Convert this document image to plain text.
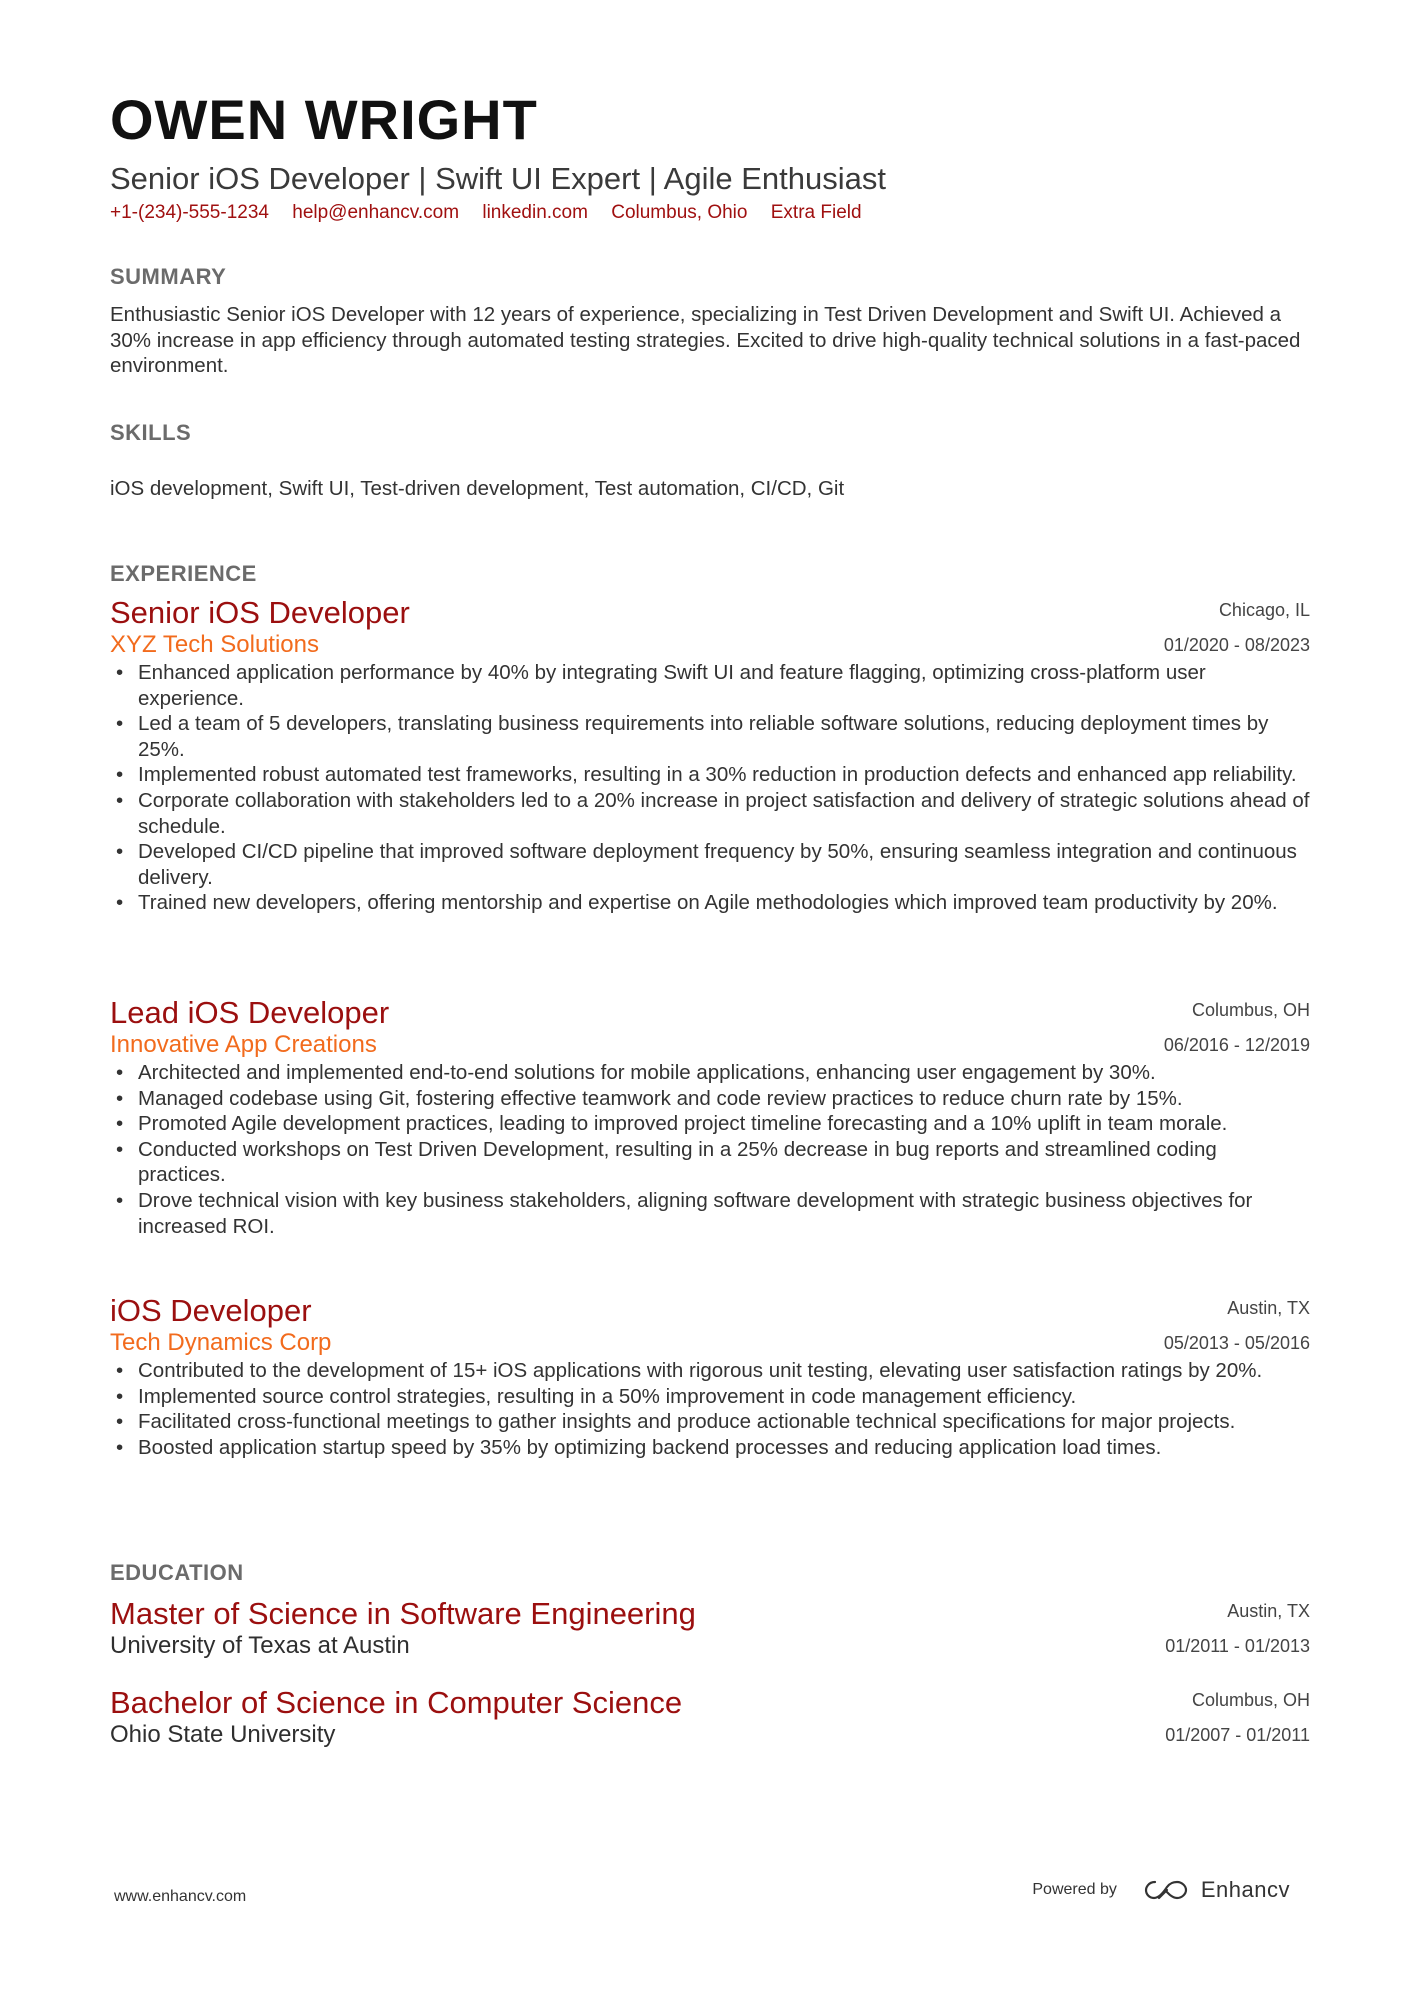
OWEN WRIGHT
Senior iOS Developer | Swift UI Expert | Agile Enthusiast
+1-(234)-555-1234 help@enhancv.com linkedin.com Columbus, Ohio Extra Field
SUMMARY
Enthusiastic Senior iOS Developer with 12 years of experience, specializing in Test Driven Development and Swift UI. Achieved a 30% increase in app efficiency through automated testing strategies. Excited to drive high-quality technical solutions in a fast-paced environment.
SKILLS
iOS development, Swift UI, Test-driven development, Test automation, CI/CD, Git
EXPERIENCE
Senior iOS Developer
XYZ Tech Solutions
Chicago, IL
01/2020 - 08/2023
• Enhanced application performance by 40% by integrating Swift UI and feature flagging, optimizing cross-platform user experience.
• Led a team of 5 developers, translating business requirements into reliable software solutions, reducing deployment times by 25%.
• Implemented robust automated test frameworks, resulting in a 30% reduction in production defects and enhanced app reliability.
• Corporate collaboration with stakeholders led to a 20% increase in project satisfaction and delivery of strategic solutions ahead of schedule.
• Developed CI/CD pipeline that improved software deployment frequency by 50%, ensuring seamless integration and continuous delivery.
• Trained new developers, offering mentorship and expertise on Agile methodologies which improved team productivity by 20%.
Lead iOS Developer
Innovative App Creations
Columbus, OH
06/2016 - 12/2019
• Architected and implemented end-to-end solutions for mobile applications, enhancing user engagement by 30%.
• Managed codebase using Git, fostering effective teamwork and code review practices to reduce churn rate by 15%.
• Promoted Agile development practices, leading to improved project timeline forecasting and a 10% uplift in team morale.
• Conducted workshops on Test Driven Development, resulting in a 25% decrease in bug reports and streamlined coding practices.
• Drove technical vision with key business stakeholders, aligning software development with strategic business objectives for increased ROI.
iOS Developer
Tech Dynamics Corp
Austin, TX
05/2013 - 05/2016
• Contributed to the development of 15+ iOS applications with rigorous unit testing, elevating user satisfaction ratings by 20%.
• Implemented source control strategies, resulting in a 50% improvement in code management efficiency.
• Facilitated cross-functional meetings to gather insights and produce actionable technical specifications for major projects.
• Boosted application startup speed by 35% by optimizing backend processes and reducing application load times.
EDUCATION
Master of Science in Software Engineering
University of Texas at Austin
Austin, TX
01/2011 - 01/2013
Bachelor of Science in Computer Science
Ohio State University
Columbus, OH
01/2007 - 01/2011
www.enhancv.com	Powered by	Enhancv
